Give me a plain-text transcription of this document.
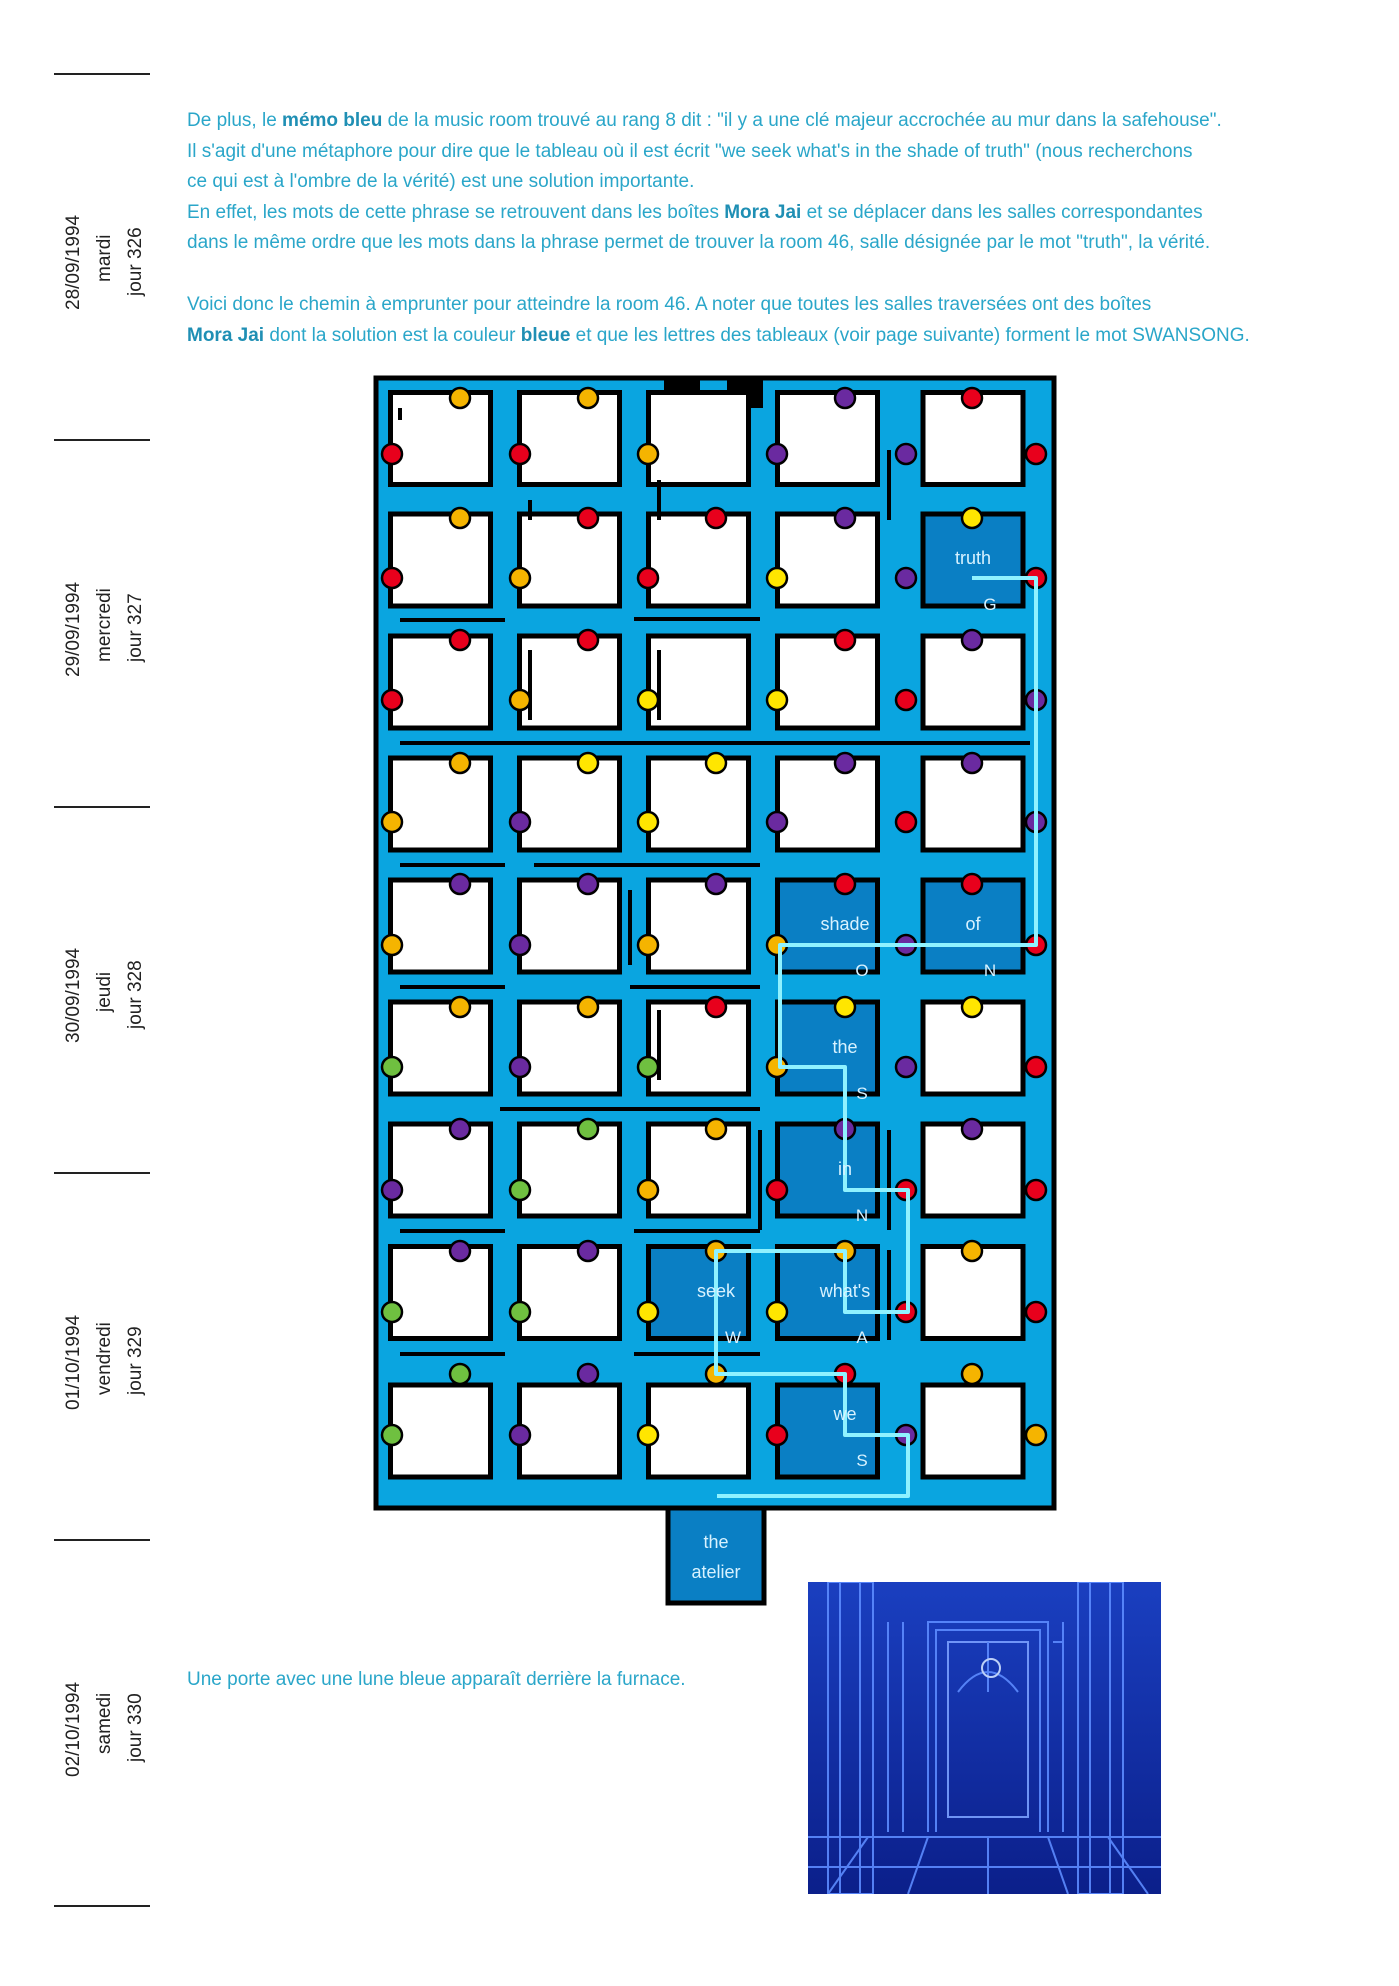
28/09/1994 mardi jour 326
29/09/1994 mercredi jour 327
30/09/1994 jeudi jour 328
01/10/1994 vendredi jour 329
02/10/1994 samedi jour 330

De plus, le mémo bleu de la music room trouvé au rang 8 dit : "il y a une clé majeur accrochée au mur dans la safehouse".

Il s'agit d'une métaphore pour dire que le tableau où il est écrit "we seek what's in the shade of truth" (nous recherchons

ce qui est à l'ombre de la vérité) est une solution importante.

En effet, les mots de cette phrase se retrouvent dans les boîtes Mora Jai et se déplacer dans les salles correspondantes

dans le même ordre que les mots dans la phrase permet de trouver la room 46, salle désignée par le mot "truth", la vérité.

Voici donc le chemin à emprunter pour atteindre la room 46. A noter que toutes les salles traversées ont des boîtes

Mora Jai dont la solution est la couleur bleue et que les lettres des tableaux (voir page suivante) forment le mot SWANSONG.

truth
G
shade
O
of
N
the
S
in
N
seek
W
what's
A
we
S
the
atelier

Une porte avec une lune bleue apparaît derrière la furnace.
